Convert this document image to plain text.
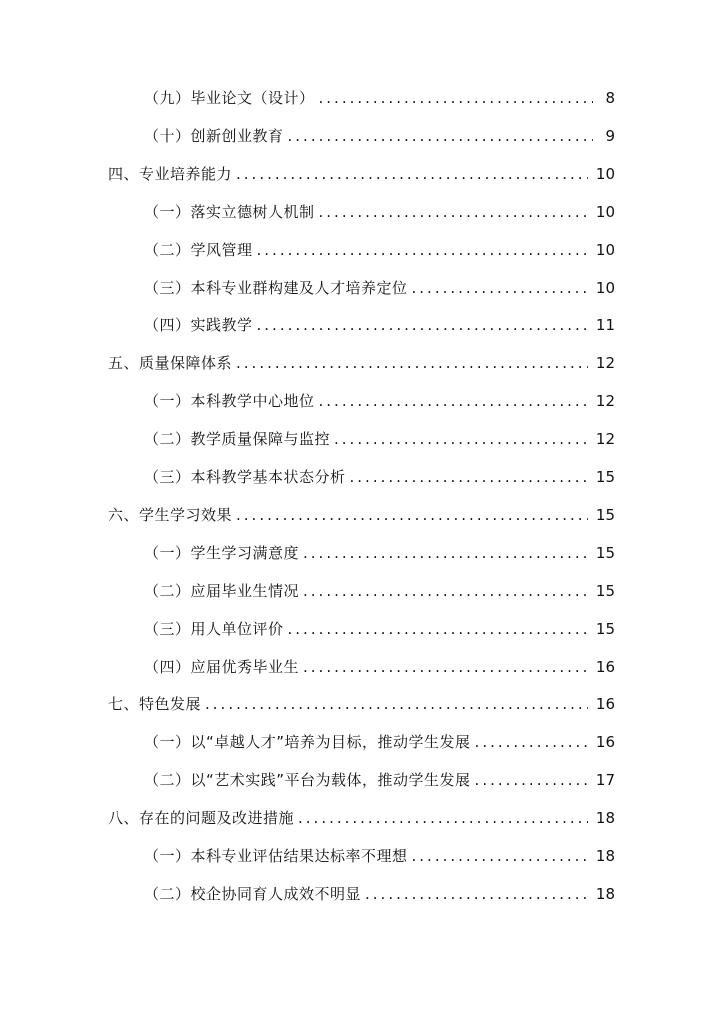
（九）毕业论文（设计） .....	8
（十）创新创业教育 .....	9
四、专业培养能力 .....	10
（一）落实立德树人机制 .....	10
（二）学风管理 .....	10
（三）本科专业群构建及人才培养定位 .....	10
（四）实践教学 .....	11
五、质量保障体系 .....	12
（一）本科教学中心地位 .....	12
（二）教学质量保障与监控 .....	12
（三）本科教学基本状态分析 .....	15
六、学生学习效果 .....	15
（一）学生学习满意度 .....	15
（二）应届毕业生情况 .....	15
（三）用人单位评价 .....	15
（四）应届优秀毕业生 .....	16
七、特色发展 .....	16
（一）以“卓越人才”培养为目标，推动学生发展 .....	16
（二）以“艺术实践”平台为载体，推动学生发展 .....	17
八、存在的问题及改进措施 .....	18
（一）本科专业评估结果达标率不理想 .....	18
（二）校企协同育人成效不明显 .....	18
